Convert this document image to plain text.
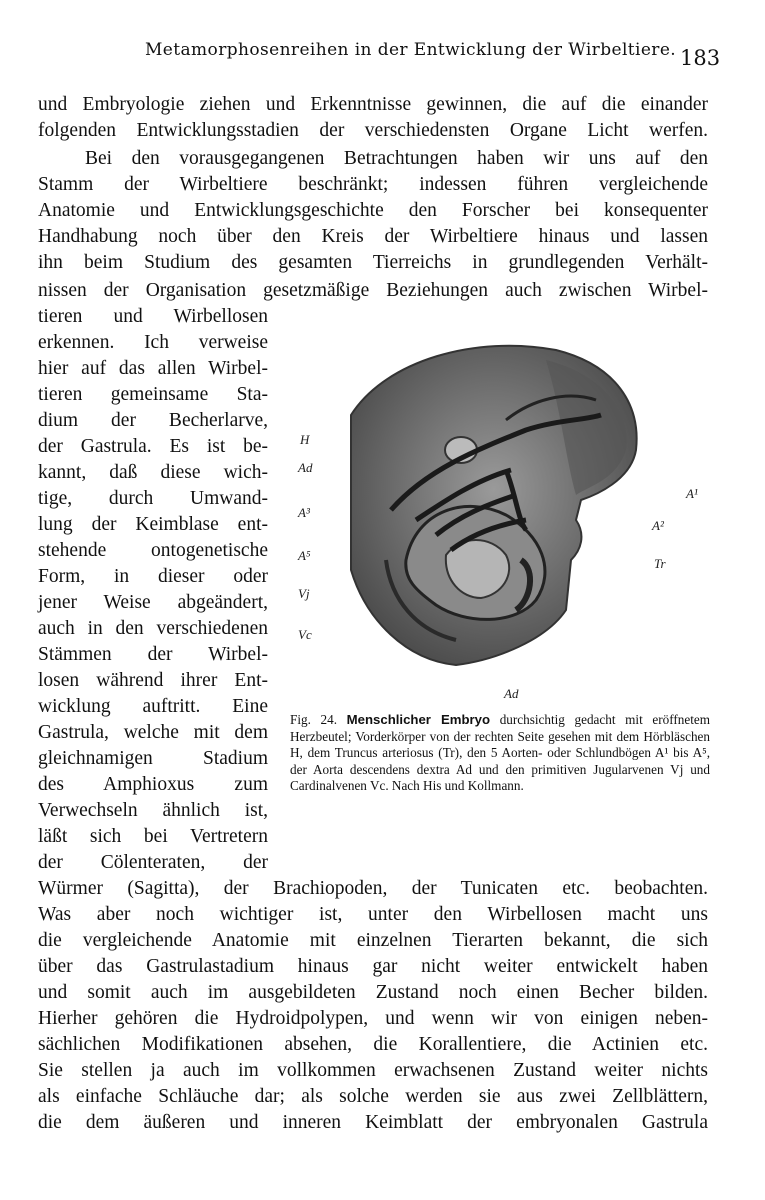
Metamorphosenreihen in der Entwicklung der Wirbeltiere. 183
und Embryologie ziehen und Erkenntnisse gewinnen, die auf die einander
folgenden Entwicklungsstadien der verschiedensten Organe Licht werfen.
Bei den vorausgegangenen Betrachtungen haben wir uns auf den
Stamm der Wirbeltiere beschränkt; indessen führen vergleichende
Anatomie und Entwicklungsgeschichte den Forscher bei konsequenter
Handhabung noch über den Kreis der Wirbeltiere hinaus und lassen
ihn beim Studium des gesamten Tierreichs in grundlegenden Verhält-
nissen der Organisation gesetzmäßige Beziehungen auch zwischen Wirbel-
tieren und Wirbellosen
erkennen. Ich verweise
hier auf das allen Wirbel-
tieren gemeinsame Sta-
dium der Becherlarve,
der Gastrula. Es ist be-
kannt, daß diese wich-
tige, durch Umwand-
lung der Keimblase ent-
stehende ontogenetische
Form, in dieser oder
jener Weise abgeändert,
auch in den verschiedenen
Stämmen der Wirbel-
losen während ihrer Ent-
wicklung auftritt. Eine
Gastrula, welche mit dem
gleichnamigen Stadium
des Amphioxus zum
Verwechseln ähnlich ist,
läßt sich bei Vertretern
der Cölenteraten, der
Würmer (Sagitta), der Brachiopoden, der Tunicaten etc. beobachten.
Was aber noch wichtiger ist, unter den Wirbellosen macht uns
die vergleichende Anatomie mit einzelnen Tierarten bekannt, die sich
über das Gastrulastadium hinaus gar nicht weiter entwickelt haben
und somit auch im ausgebildeten Zustand noch einen Becher bilden.
Hierher gehören die Hydroidpolypen, und wenn wir von einigen neben-
sächlichen Modifikationen absehen, die Korallentiere, die Actinien etc.
Sie stellen ja auch im vollkommen erwachsenen Zustand weiter nichts
als einfache Schläuche dar; als solche werden sie aus zwei Zellblättern,
die dem äußeren und inneren Keimblatt der embryonalen Gastrula
H
Ad
A³
A⁵
Vj
Vc
A¹
A²
Tr
Ad
Fig. 24. Menschlicher Embryo durchsichtig gedacht mit eröffnetem Herzbeutel; Vorderkörper von der rechten Seite gesehen mit dem Hörbläschen H, dem Truncus arteriosus (Tr), den 5 Aorten- oder Schlundbögen A¹ bis A⁵, der Aorta descendens dextra Ad und den primitiven Jugularvenen Vj und Cardinalvenen Vc. Nach His und Kollmann.
